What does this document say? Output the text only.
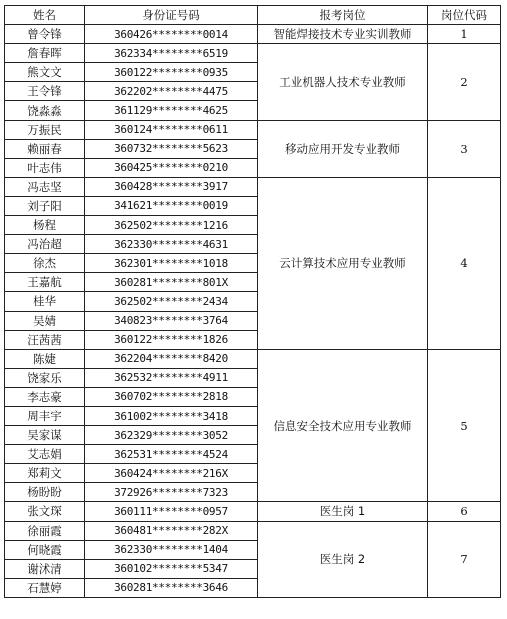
姓名	身份证号码	报考岗位	岗位代码
曾令锋	360426********0014	智能焊接技术专业实训教师	1
詹春晖	362334********6519	工业机器人技术专业教师	2
熊文文	360122********0935		
王令锋	362202********4475		
饶淼淼	361129********4625		
万振民	360124********0611	移动应用开发专业教师	3
赖丽春	360732********5623		
叶志伟	360425********0210		
冯志坚	360428********3917	云计算技术应用专业教师	4
刘子阳	341621********0019		
杨程	362502********1216		
冯治超	362330********4631		
徐杰	362301********1018		
王嘉航	360281********801X		
桂华	362502********2434		
吴婧	340823********3764		
汪茜茜	360122********1826		
陈婕	362204********8420	信息安全技术应用专业教师	5
饶家乐	362532********4911		
李志豪	360702********2818		
周丰宇	361002********3418		
吴家谋	362329********3052		
艾志娟	362531********4524		
郑莉文	360424********216X		
杨盼盼	372926********7323		
张文琛	360111********0957	医生岗 1	6
徐丽霞	360481********282X	医生岗 2	7
何晓霞	362330********1404		
谢沭清	360102********5347		
石慧婷	360281********3646		
